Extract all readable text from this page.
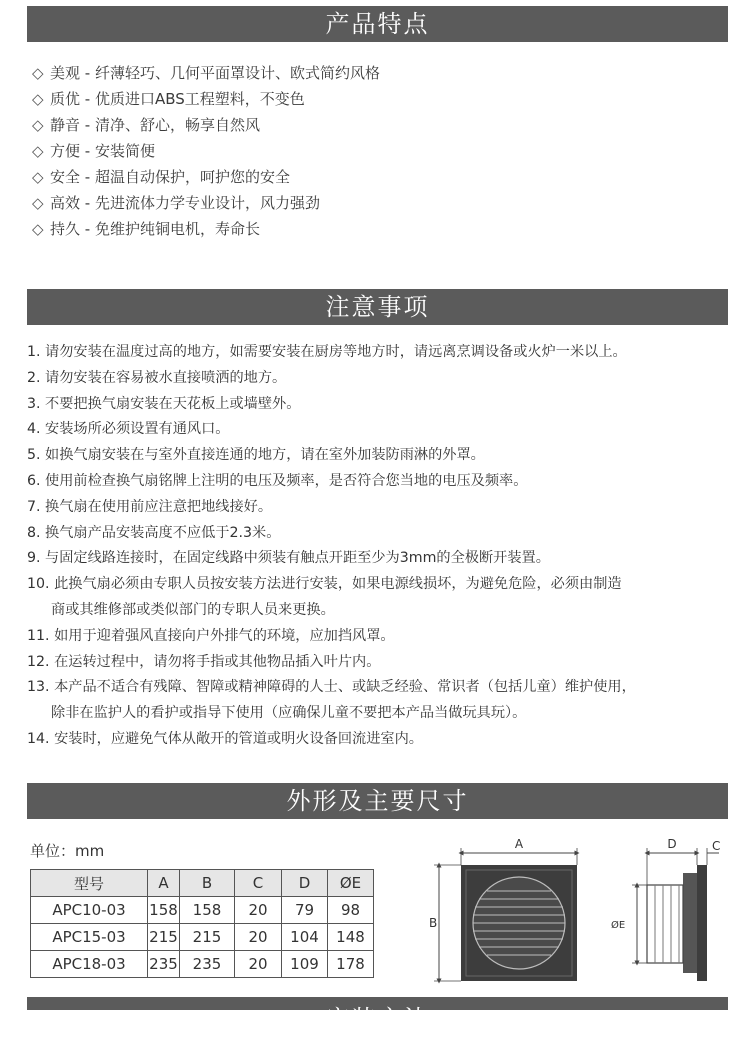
产品特点
◇ 美观 - 纤薄轻巧、几何平面罩设计、欧式简约风格
◇ 质优 - 优质进口ABS工程塑料，不变色
◇ 静音 - 清净、舒心，畅享自然风
◇ 方便 - 安装简便
◇ 安全 - 超温自动保护，呵护您的安全
◇ 高效 - 先进流体力学专业设计，风力强劲
◇ 持久 - 免维护纯铜电机，寿命长
注意事项
1. 请勿安装在温度过高的地方，如需要安装在厨房等地方时，请远离烹调设备或火炉一米以上。
2. 请勿安装在容易被水直接喷洒的地方。
3. 不要把换气扇安装在天花板上或墙壁外。
4. 安装场所必须设置有通风口。
5. 如换气扇安装在与室外直接连通的地方，请在室外加装防雨淋的外罩。
6. 使用前检查换气扇铭牌上注明的电压及频率，是否符合您当地的电压及频率。
7. 换气扇在使用前应注意把地线接好。
8. 换气扇产品安装高度不应低于2.3米。
9. 与固定线路连接时，在固定线路中须装有触点开距至少为3mm的全极断开装置。
10. 此换气扇必须由专职人员按安装方法进行安装，如果电源线损坏，为避免危险，必须由制造
商或其维修部或类似部门的专职人员来更换。
11. 如用于迎着强风直接向户外排气的环境，应加挡风罩。
12. 在运转过程中，请勿将手指或其他物品插入叶片内。
13. 本产品不适合有残障、智障或精神障碍的人士、或缺乏经验、常识者（包括儿童）维护使用，
除非在监护人的看护或指导下使用（应确保儿童不要把本产品当做玩具玩）。
14. 安装时，应避免气体从敞开的管道或明火设备回流进室内。
外形及主要尺寸
单位：mm
型号	A	B	C	D	ØE
APC10-03	158	158	20	79	98
APC15-03	215	215	20	104	148
APC18-03	235	235	20	109	178
A
B
D	C
ØE
安装方法
